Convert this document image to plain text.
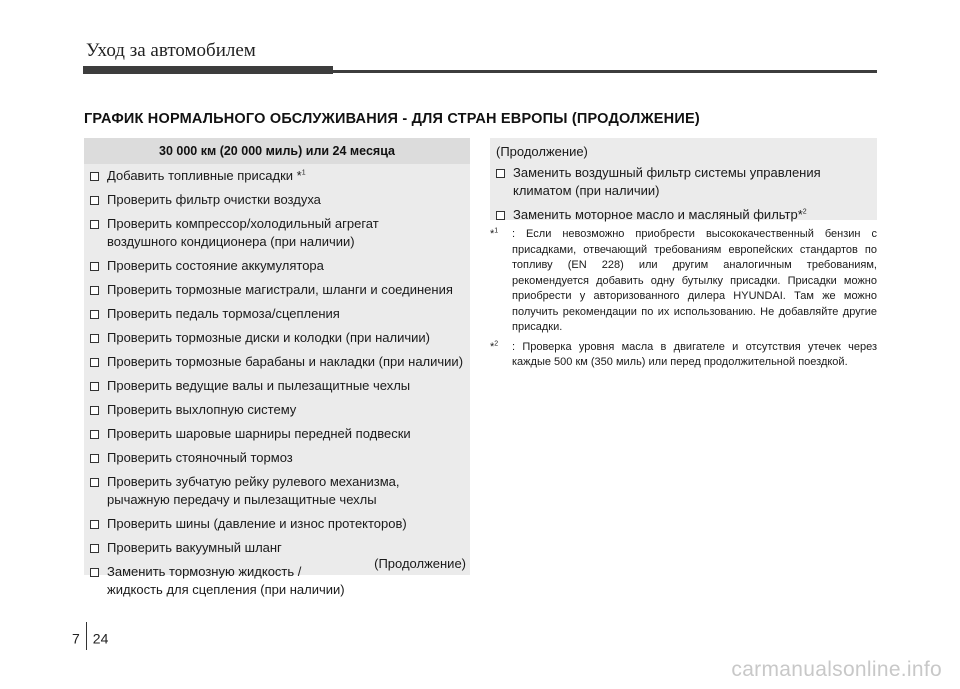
Уход за автомобилем
ГРАФИК НОРМАЛЬНОГО ОБСЛУЖИВАНИЯ - ДЛЯ СТРАН ЕВРОПЫ (ПРОДОЛЖЕНИЕ)
30 000 км (20 000 миль) или 24 месяца
Добавить топливные присадки *$^1$
Проверить фильтр очистки воздуха
Проверить компрессор/холодильный агрегат
воздушного кондиционера (при наличии)
Проверить состояние аккумулятора
Проверить тормозные магистрали, шланги и соединения
Проверить педаль тормоза/сцепления
Проверить тормозные диски и колодки (при наличии)
Проверить тормозные барабаны и накладки (при наличии)
Проверить ведущие валы и пылезащитные чехлы
Проверить выхлопную систему
Проверить шаровые шарниры передней подвески
Проверить стояночный тормоз
Проверить зубчатую рейку рулевого механизма,
рычажную передачу и пылезащитные чехлы
Проверить шины (давление и износ протекторов)
Проверить вакуумный шланг
Заменить тормозную жидкость /
жидкость для сцепления (при наличии)
(Продолжение)
(Продолжение)
Заменить воздушный фильтр системы управления
климатом (при наличии)
Заменить моторное масло и масляный фильтр*$^2$
*$^1$ : Если невозможно приобрести высококачественный бензин с присадками, отвечающий требованиям европейских стандартов по топливу (EN 228) или другим аналогичным требованиям, рекомендуется добавить одну бутылку присадки. Присадки можно приобрести у авторизованного дилера HYUNDAI. Там же можно получить рекомендации по их использованию. Не добавляйте другие присадки.
*$^2$ : Проверка уровня масла в двигателе и отсутствия утечек через каждые 500 км (350 миль) или перед продолжительной поездкой.
7 24
carmanualsonline.info
